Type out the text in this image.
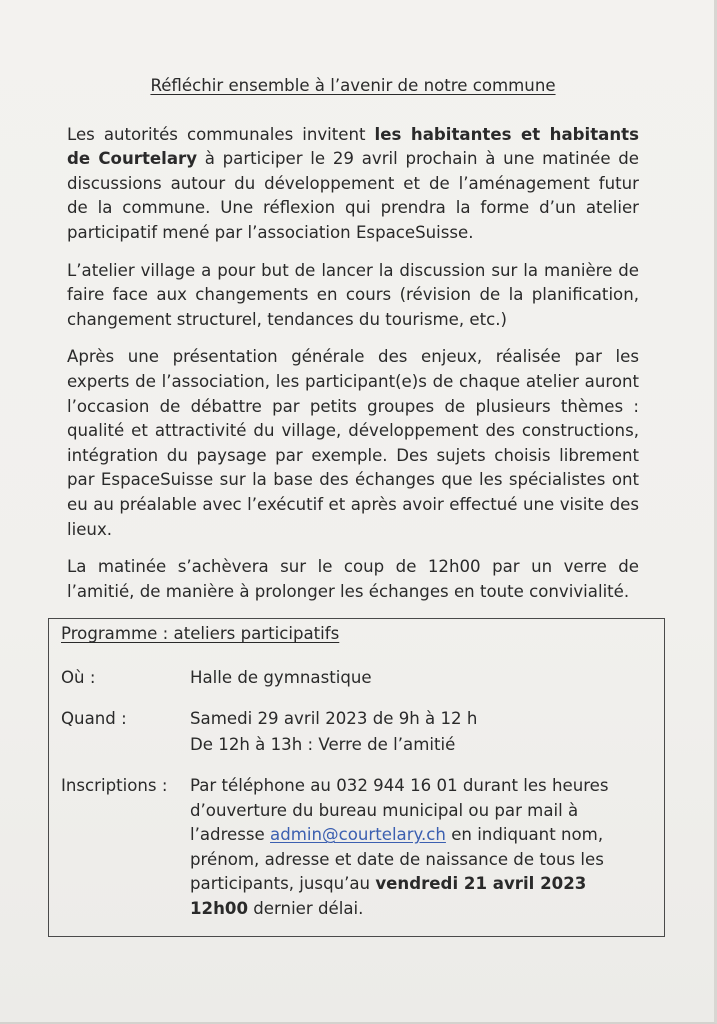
Réfléchir ensemble à l’avenir de notre commune

Les autorités communales invitent les habitantes et habitants de Courtelary à participer le 29 avril prochain à une matinée de discussions autour du développement et de l’aménagement futur de la commune. Une réflexion qui prendra la forme d’un atelier participatif mené par l’association EspaceSuisse.

L’atelier village a pour but de lancer la discussion sur la manière de faire face aux changements en cours (révision de la planification, changement structurel, tendances du tourisme, etc.)

Après une présentation générale des enjeux, réalisée par les experts de l’association, les participant(e)s de chaque atelier auront l’occasion de débattre par petits groupes de plusieurs thèmes : qualité et attractivité du village, développement des constructions, intégration du paysage par exemple. Des sujets choisis librement par EspaceSuisse sur la base des échanges que les spécialistes ont eu au préalable avec l’exécutif et après avoir effectué une visite des lieux.

La matinée s’achèvera sur le coup de 12h00 par un verre de l’amitié, de manière à prolonger les échanges en toute convivialité.

Programme : ateliers participatifs
Où :	Halle de gymnastique
Quand :	Samedi 29 avril 2023 de 9h à 12 h
De 12h à 13h : Verre de l’amitié
Inscriptions : Par téléphone au 032 944 16 01 durant les heures
d’ouverture du bureau municipal ou par mail à
l’adresse admin@courtelary.ch en indiquant nom,
prénom, adresse et date de naissance de tous les
participants, jusqu’au vendredi 21 avril 2023
12h00 dernier délai.
